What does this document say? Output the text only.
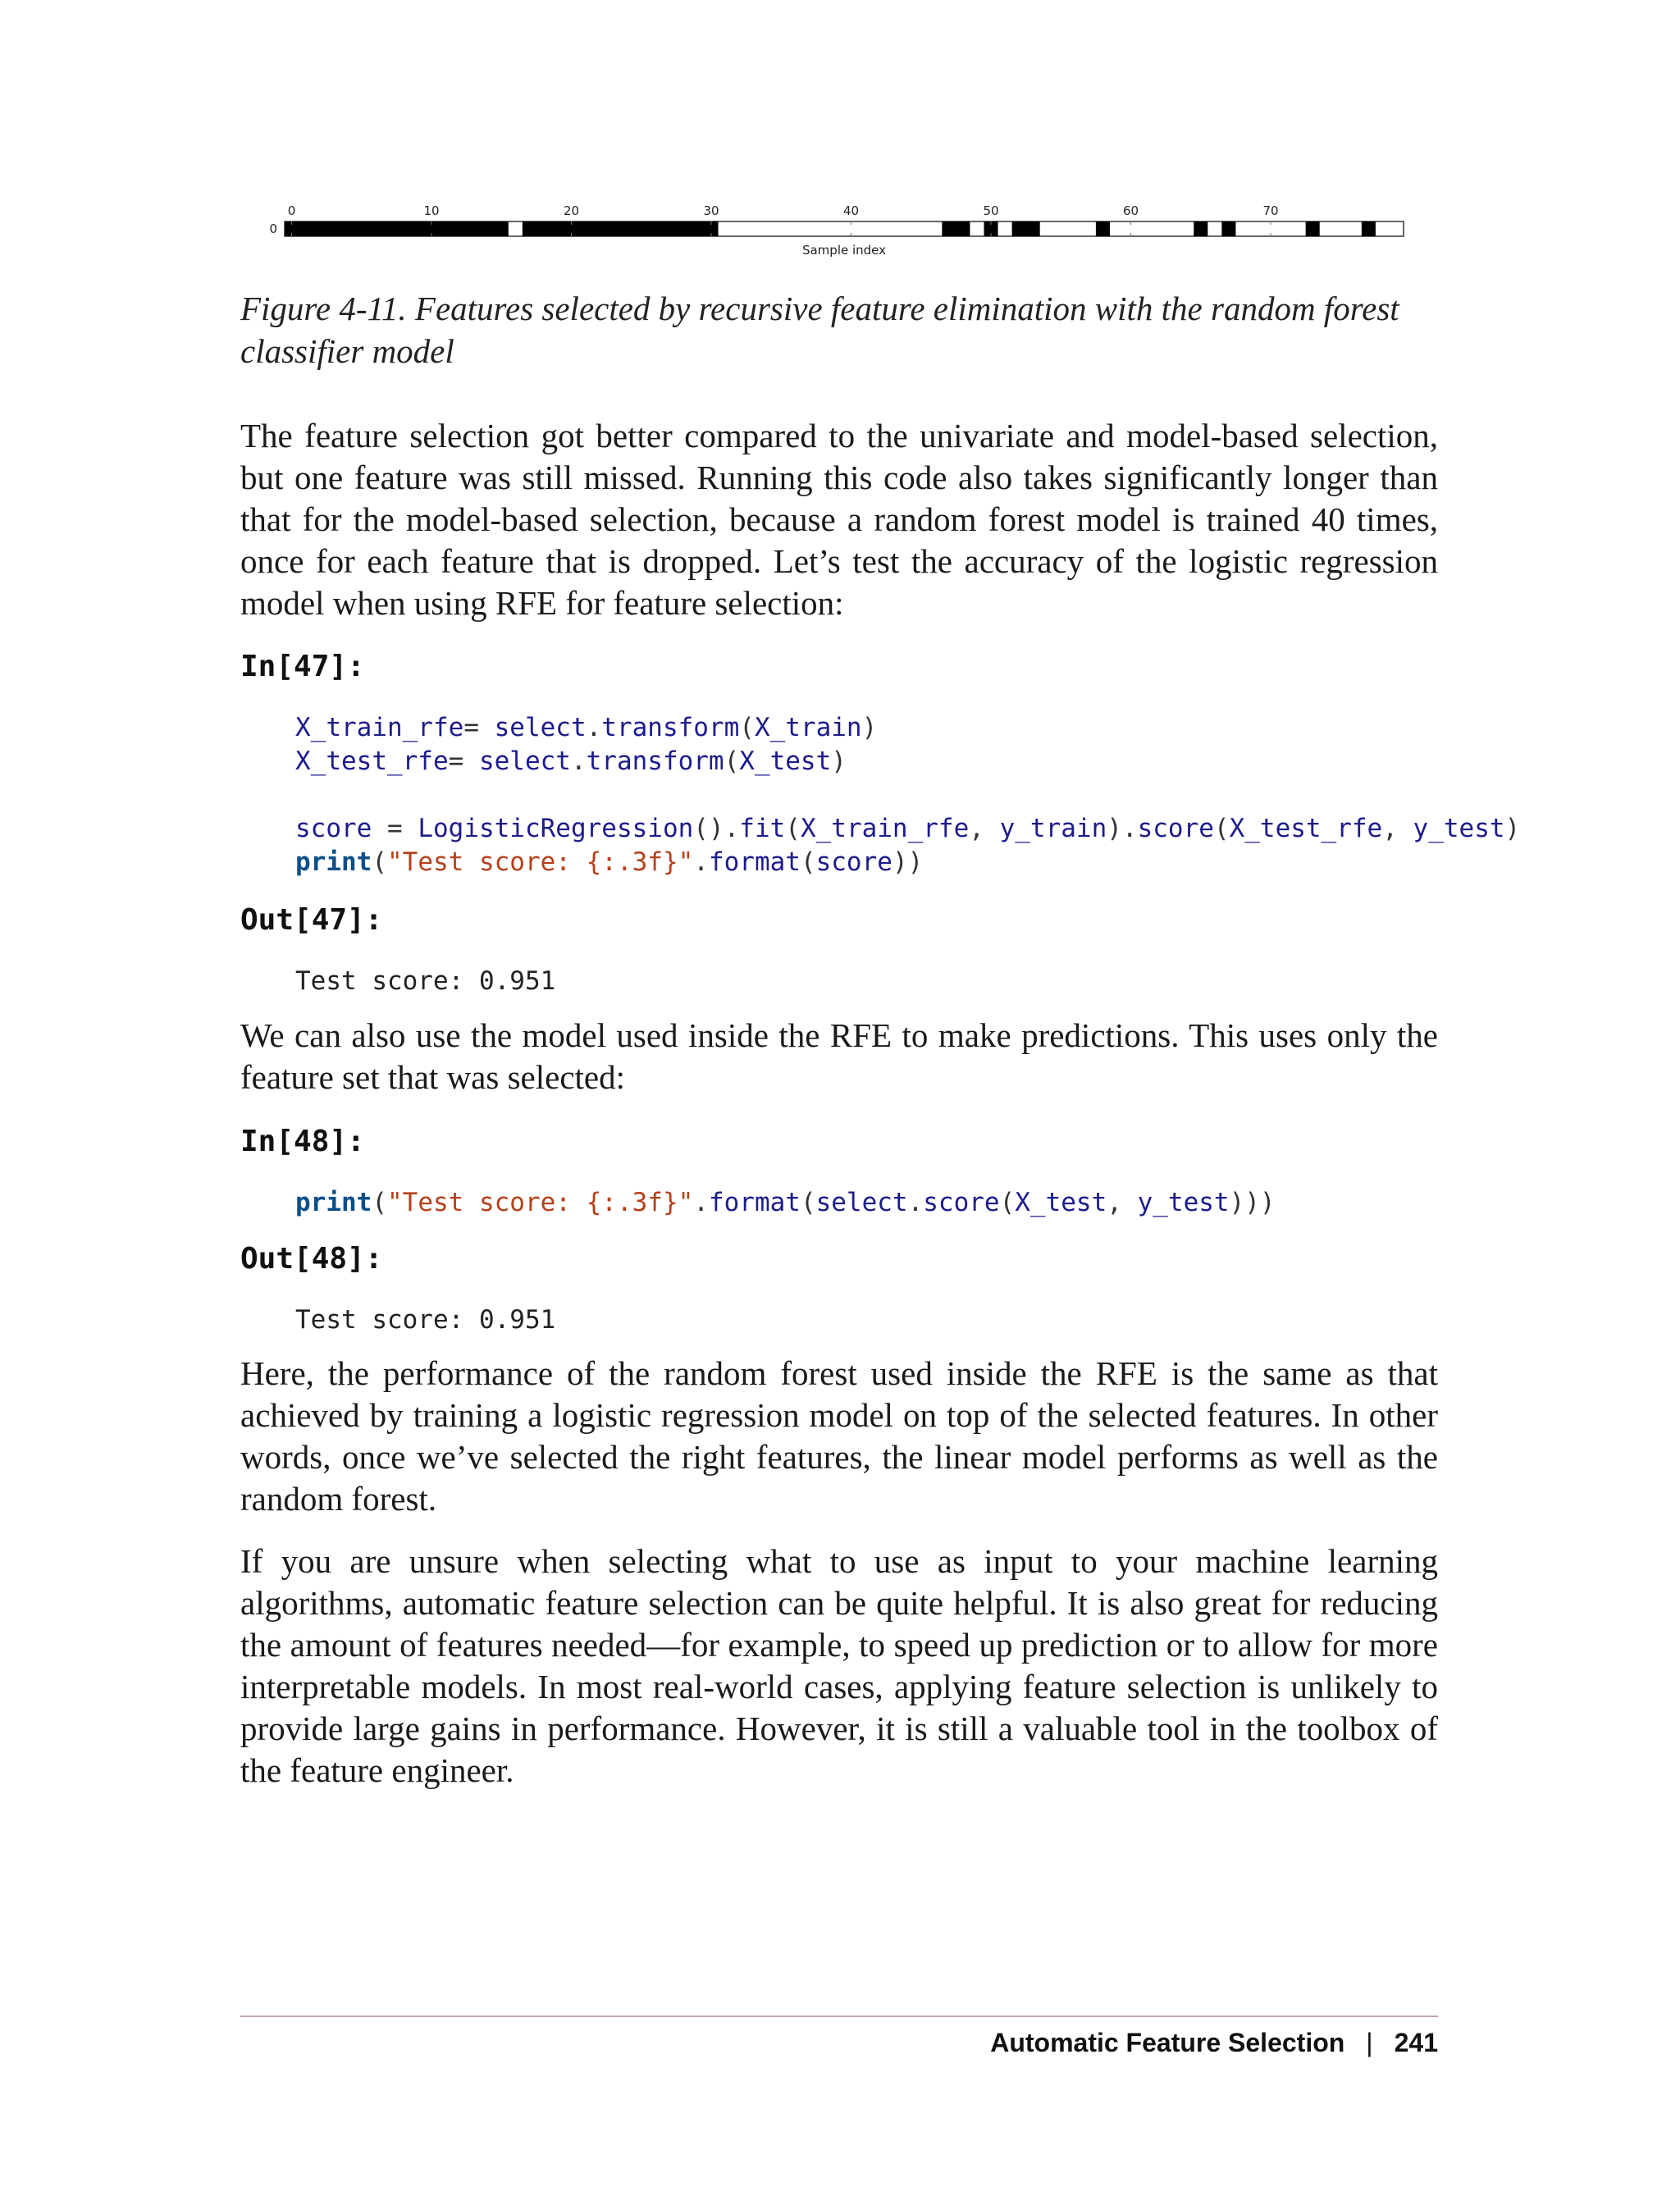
0	10	20	30	40	50	60	70
0
Sample index
Figure 4-11. Features selected by recursive feature elimination with the random forest classifier model
The feature selection got better compared to the univariate and model-based selection, but one feature was still missed. Running this code also takes significantly longer than that for the model-based selection, because a random forest model is trained 40 times, once for each feature that is dropped. Let’s test the accuracy of the logistic regression model when using RFE for feature selection:
In[47]:
X_train_rfe= select.transform(X_train)
X_test_rfe= select.transform(X_test)
score = LogisticRegression().fit(X_train_rfe, y_train).score(X_test_rfe, y_test)
print("Test score: {:.3f}".format(score))
Out[47]:
Test score: 0.951
We can also use the model used inside the RFE to make predictions. This uses only the feature set that was selected:
In[48]:
print("Test score: {:.3f}".format(select.score(X_test, y_test)))
Out[48]:
Test score: 0.951
Here, the performance of the random forest used inside the RFE is the same as that achieved by training a logistic regression model on top of the selected features. In other words, once we’ve selected the right features, the linear model performs as well as the random forest.
If you are unsure when selecting what to use as input to your machine learning algorithms, automatic feature selection can be quite helpful. It is also great for reducing the amount of features needed—for example, to speed up prediction or to allow for more interpretable models. In most real-world cases, applying feature selection is unlikely to provide large gains in performance. However, it is still a valuable tool in the toolbox of the feature engineer.
Automatic Feature Selection | 241
